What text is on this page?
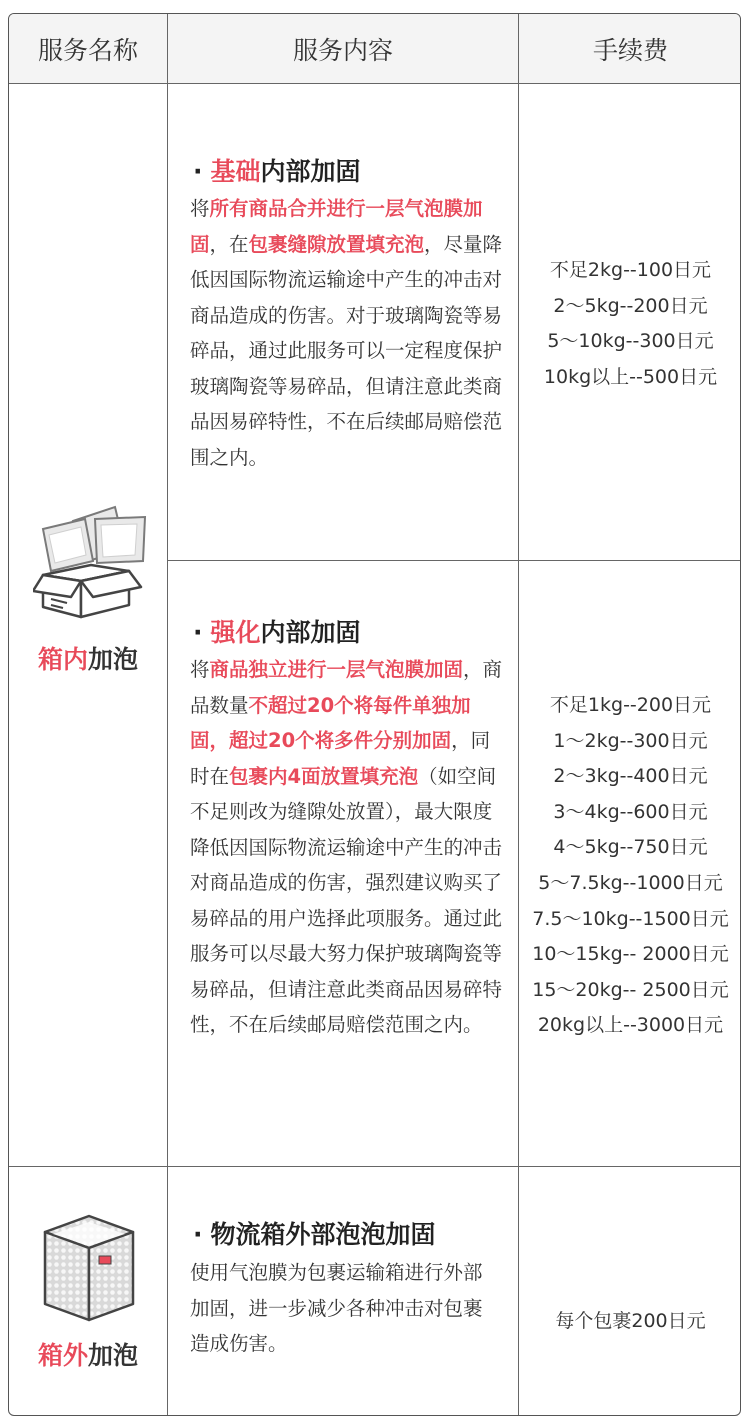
服务名称	服务内容	手续费
箱内加泡
· 基础内部加固
将所有商品合并进行一层气泡膜加固，在包裹缝隙放置填充泡，尽量降低因国际物流运输途中产生的冲击对商品造成的伤害。对于玻璃陶瓷等易碎品，通过此服务可以一定程度保护玻璃陶瓷等易碎品，但请注意此类商品因易碎特性，不在后续邮局赔偿范围之内。
不足2kg--100日元
2～5kg--200日元
5～10kg--300日元
10kg以上--500日元
· 强化内部加固
将商品独立进行一层气泡膜加固，商品数量不超过20个将每件单独加固，超过20个将多件分别加固，同时在包裹内4面放置填充泡（如空间不足则改为缝隙处放置），最大限度降低因国际物流运输途中产生的冲击对商品造成的伤害，强烈建议购买了易碎品的用户选择此项服务。通过此服务可以尽最大努力保护玻璃陶瓷等易碎品，但请注意此类商品因易碎特性，不在后续邮局赔偿范围之内。
不足1kg--200日元
1～2kg--300日元
2～3kg--400日元
3～4kg--600日元
4～5kg--750日元
5～7.5kg--1000日元
7.5～10kg--1500日元
10～15kg-- 2000日元
15～20kg-- 2500日元
20kg以上--3000日元
箱外加泡
· 物流箱外部泡泡加固
使用气泡膜为包裹运输箱进行外部加固，进一步减少各种冲击对包裹造成伤害。
每个包裹200日元
